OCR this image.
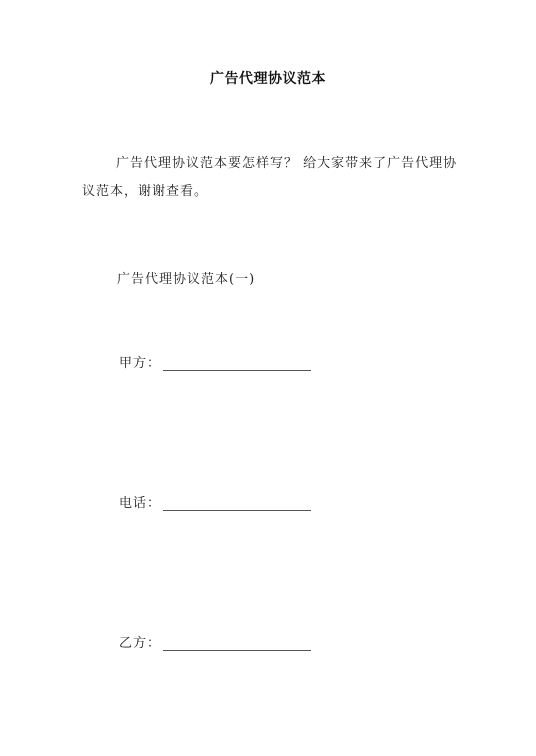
广告代理协议范本

广告代理协议范本要怎样写？ 给大家带来了广告代理协议范本，谢谢查看。

广告代理协议范本(一)

甲方：
电话：
乙方：
